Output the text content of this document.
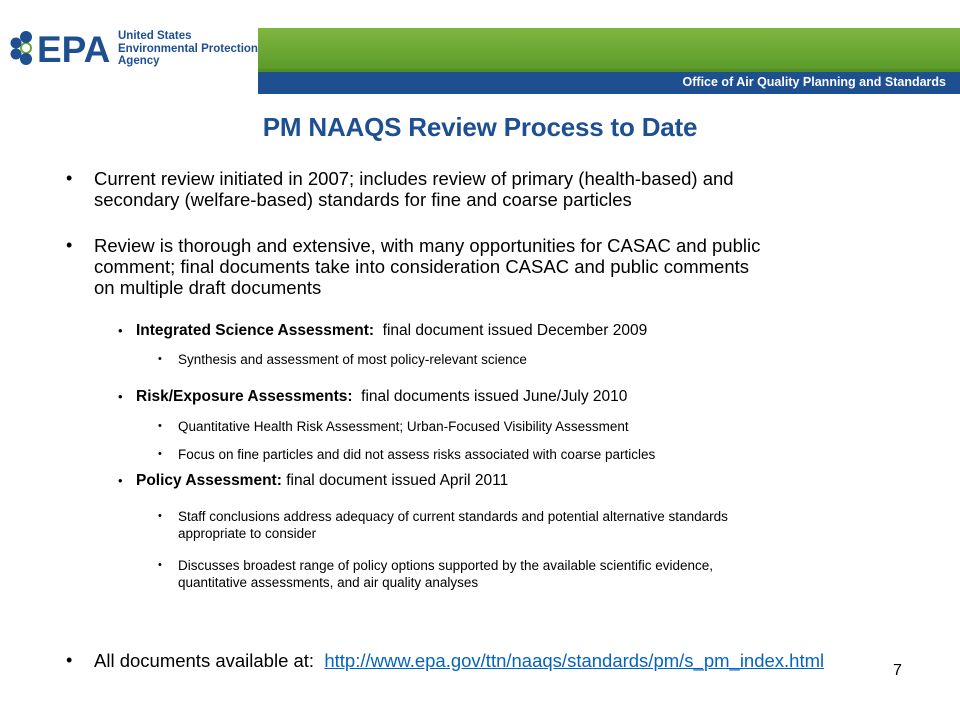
EPA United States
Environmental Protection
Agency
Office of Air Quality Planning and Standards
PM NAAQS Review Process to Date
• Current review initiated in 2007; includes review of primary (health-based) and
secondary (welfare-based) standards for fine and coarse particles
• Review is thorough and extensive, with many opportunities for CASAC and public
comment; final documents take into consideration CASAC and public comments
on multiple draft documents
• Integrated Science Assessment:  final document issued December 2009
• Synthesis and assessment of most policy-relevant science
• Risk/Exposure Assessments:  final documents issued June/July 2010
• Quantitative Health Risk Assessment; Urban-Focused Visibility Assessment
• Focus on fine particles and did not assess risks associated with coarse particles
• Policy Assessment: final document issued April 2011
• Staff conclusions address adequacy of current standards and potential alternative standards
appropriate to consider
• Discusses broadest range of policy options supported by the available scientific evidence,
quantitative assessments, and air quality analyses
• All documents available at:  http://www.epa.gov/ttn/naaqs/standards/pm/s_pm_index.html	7
